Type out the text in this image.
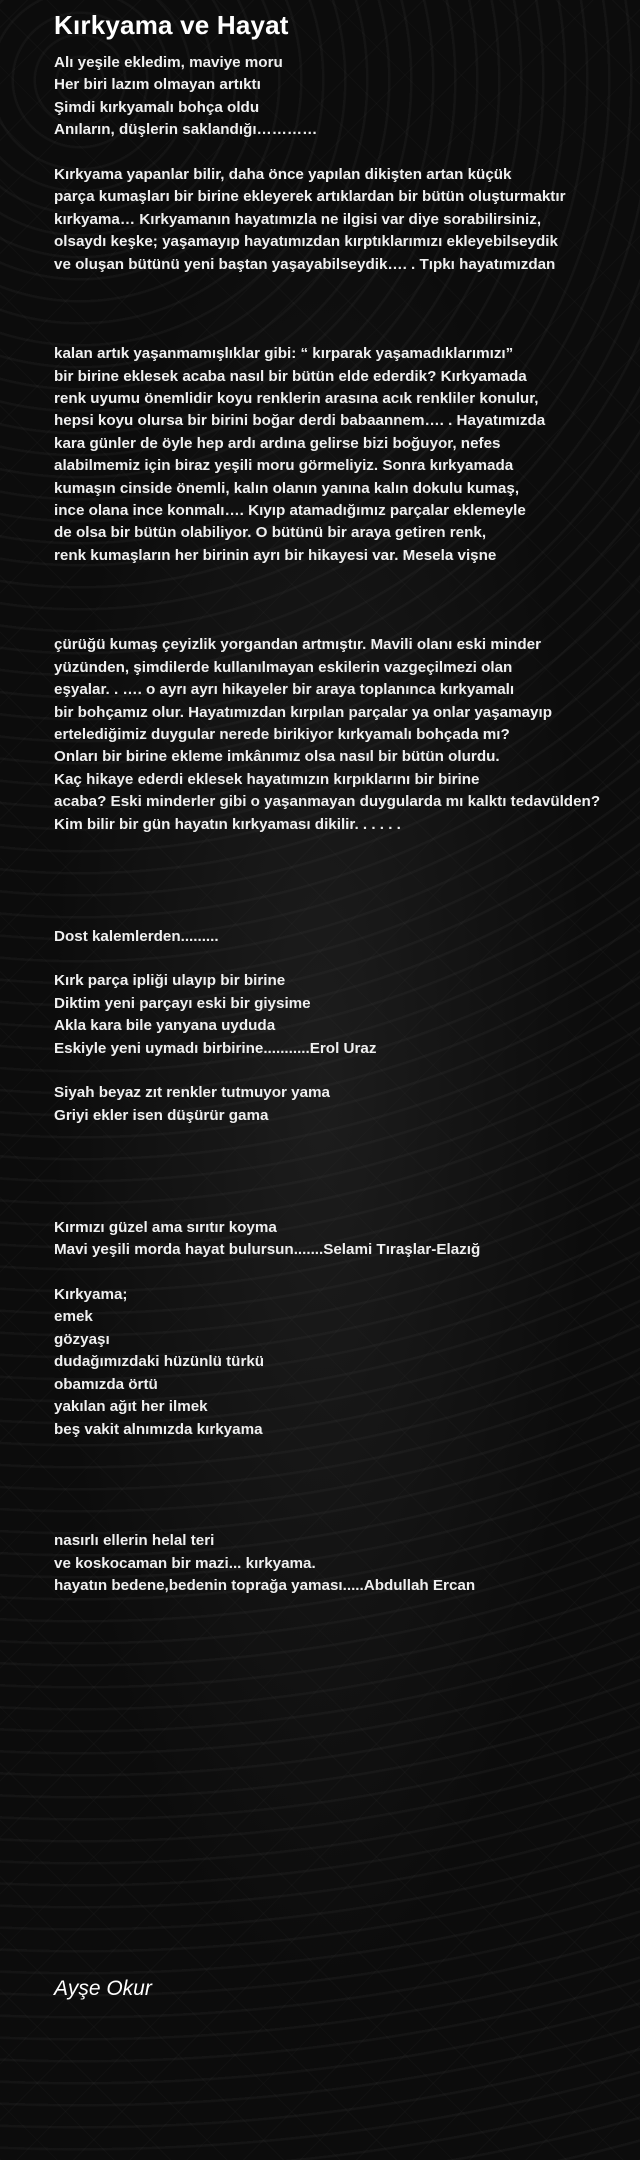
Kırkyama ve Hayat
Alı yeşile ekledim, maviye moru
Her biri lazım olmayan artıktı
Şimdi kırkyamalı bohça oldu
Anıların, düşlerin saklandığı…………
Kırkyama yapanlar bilir, daha önce yapılan dikişten artan küçük
parça kumaşları bir birine ekleyerek artıklardan bir bütün oluşturmaktır
kırkyama… Kırkyamanın hayatımızla ne ilgisi var diye sorabilirsiniz,
olsaydı keşke; yaşamayıp hayatımızdan kırptıklarımızı ekleyebilseydik
ve oluşan bütünü yeni baştan yaşayabilseydik…. . Tıpkı hayatımızdan
kalan artık yaşanmamışlıklar gibi: “ kırparak yaşamadıklarımızı”
bir birine eklesek acaba nasıl bir bütün elde ederdik? Kırkyamada
renk uyumu önemlidir koyu renklerin arasına acık renkliler konulur,
hepsi koyu olursa bir birini boğar derdi babaannem…. . Hayatımızda
kara günler de öyle hep ardı ardına gelirse bizi boğuyor, nefes
alabilmemiz için biraz yeşili moru görmeliyiz. Sonra kırkyamada
kumaşın cinside önemli, kalın olanın yanına kalın dokulu kumaş,
ince olana ince konmalı…. Kıyıp atamadığımız parçalar eklemeyle
de olsa bir bütün olabiliyor. O bütünü bir araya getiren renk,
renk kumaşların her birinin ayrı bir hikayesi var. Mesela vişne
çürüğü kumaş çeyizlik yorgandan artmıştır. Mavili olanı eski minder
yüzünden, şimdilerde kullanılmayan eskilerin vazgeçilmezi olan
eşyalar. . …. o ayrı ayrı hikayeler bir araya toplanınca kırkyamalı
bir bohçamız olur. Hayatımızdan kırpılan parçalar ya onlar yaşamayıp
ertelediğimiz duygular nerede birikiyor kırkyamalı bohçada mı?
Onları bir birine ekleme imkânımız olsa nasıl bir bütün olurdu.
Kaç hikaye ederdi eklesek hayatımızın kırpıklarını bir birine
acaba? Eski minderler gibi o yaşanmayan duygularda mı kalktı tedavülden?
Kim bilir bir gün hayatın kırkyaması dikilir. . . . . .
Dost kalemlerden.........
Kırk parça ipliği ulayıp bir birine
Diktim yeni parçayı eski bir giysime
Akla kara bile yanyana uyduda
Eskiyle yeni uymadı birbirine...........Erol Uraz
Siyah beyaz zıt renkler tutmuyor yama
Griyi ekler isen düşürür gama
Kırmızı güzel ama sırıtır koyma
Mavi yeşili morda hayat bulursun.......Selami Tıraşlar-Elazığ
Kırkyama;
emek
gözyaşı
dudağımızdaki hüzünlü türkü
obamızda örtü
yakılan ağıt her ilmek
beş vakit alnımızda kırkyama
nasırlı ellerin helal teri
ve koskocaman bir mazi... kırkyama.
hayatın bedene,bedenin toprağa yaması.....Abdullah Ercan
Ayşe Okur
